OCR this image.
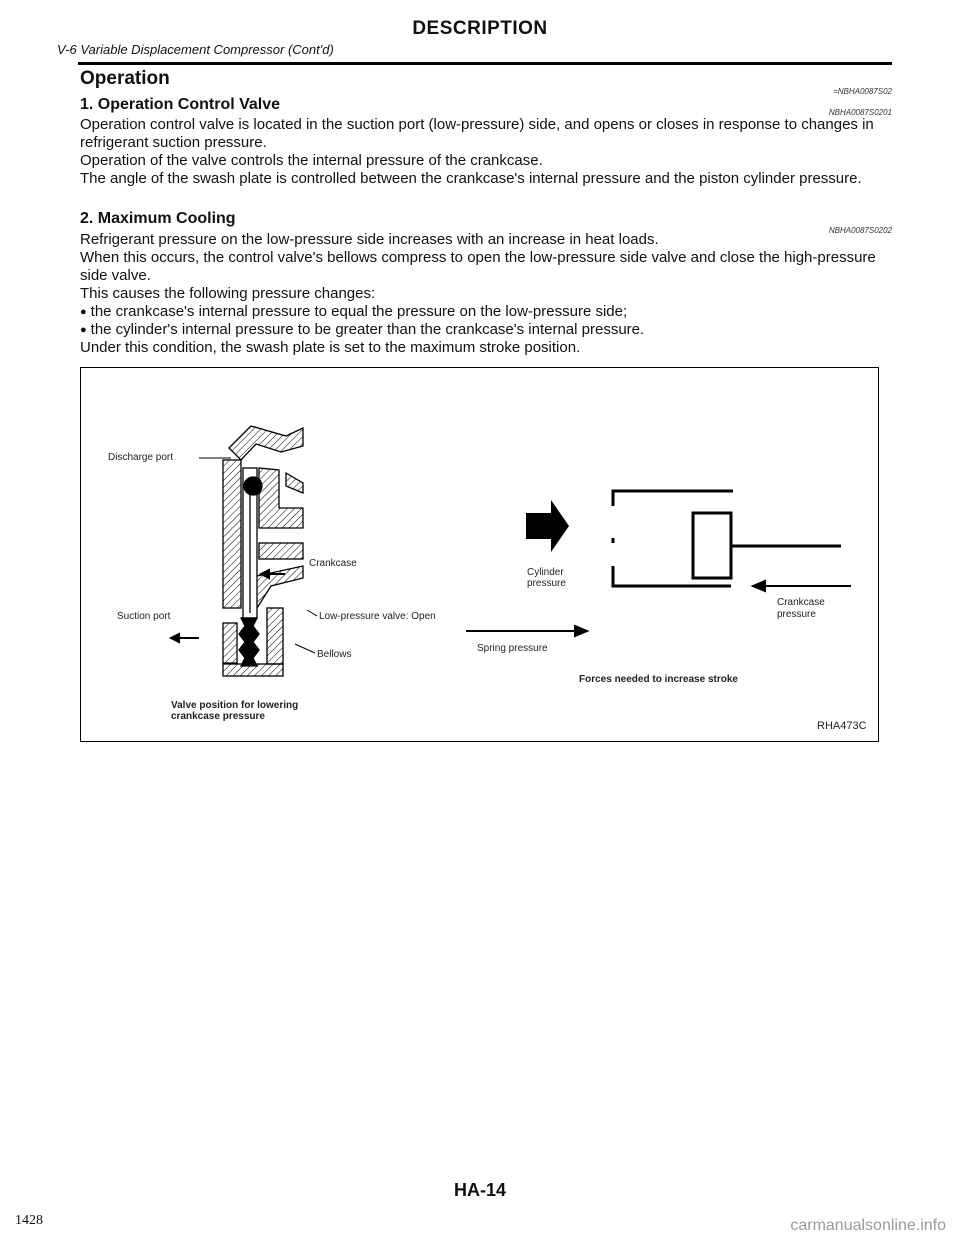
DESCRIPTION
V-6 Variable Displacement Compressor (Cont'd)
Operation
=NBHA0087S02
1. Operation Control Valve	NBHA0087S0201

Operation control valve is located in the suction port (low-pressure) side, and opens or closes in response to changes in refrigerant suction pressure.

Operation of the valve controls the internal pressure of the crankcase.

The angle of the swash plate is controlled between the crankcase's internal pressure and the piston cylinder pressure.

2. Maximum Cooling
NBHA0087S0202

Refrigerant pressure on the low-pressure side increases with an increase in heat loads.

When this occurs, the control valve's bellows compress to open the low-pressure side valve and close the high-pressure side valve.

This causes the following pressure changes:

● the crankcase's internal pressure to equal the pressure on the low-pressure side;

● the cylinder's internal pressure to be greater than the crankcase's internal pressure.

Under this condition, the swash plate is set to the maximum stroke position.

Discharge port
Crankcase
Suction port	Low-pressure valve: Open
Bellows
Valve position for lowering
crankcase pressure
Cylinder
pressure
Spring pressure
Crankcase
pressure
Forces needed to increase stroke
RHA473C
HA-14
1428	carmanualsonline.info
